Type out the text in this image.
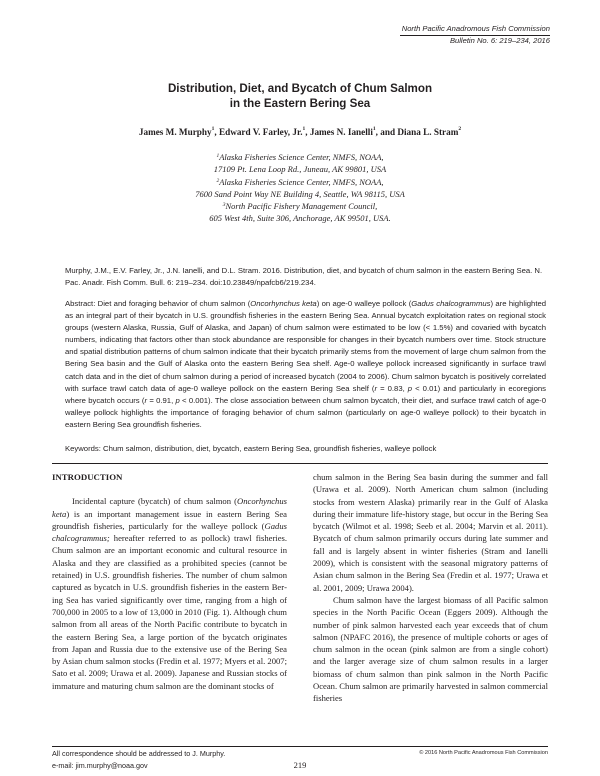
North Pacific Anadromous Fish Commission
Bulletin No. 6: 219–234, 2016
Distribution, Diet, and Bycatch of Chum Salmon
in the Eastern Bering Sea
James M. Murphy$^1$, Edward V. Farley, Jr.$^1$, James N. Ianelli$^1$, and Diana L. Stram$^2$
$^1$Alaska Fisheries Science Center, NMFS, NOAA,
17109 Pt. Lena Loop Rd., Juneau, AK 99801, USA
$^2$Alaska Fisheries Science Center, NMFS, NOAA,
7600 Sand Point Way NE Building 4, Seattle, WA 98115, USA
$^3$North Pacific Fishery Management Council,
605 West 4th, Suite 306, Anchorage, AK 99501, USA.
Murphy, J.M., E.V. Farley, Jr., J.N. Ianelli, and D.L. Stram. 2016. Distribution, diet, and bycatch of chum salmon in the eastern Bering Sea. N. Pac. Anadr. Fish Comm. Bull. 6: 219–234. doi:10.23849/npafcb6/219.234.
Abstract: Diet and foraging behavior of chum salmon (Oncorhynchus keta) on age-0 walleye pollock (Gadus chalcogrammus) are highlighted as an integral part of their bycatch in U.S. groundfish fisheries in the eastern Bering Sea. Annual bycatch exploitation rates on regional stock groups (western Alaska, Russia, Gulf of Alaska, and Japan) of chum salmon were estimated to be low (< 1.5%) and covaried with bycatch numbers, indicating that factors other than stock abundance are responsible for changes in their bycatch numbers over time. Stock structure and spatial distribution patterns of chum salmon indicate that their bycatch primarily stems from the movement of large chum salmon from the Bering Sea basin and the Gulf of Alaska onto the eastern Bering Sea shelf. Age-0 walleye pollock increased significantly in surface trawl catch data and in the diet of chum salmon during a period of increased bycatch (2004 to 2006). Chum salmon bycatch is positively correlated with surface trawl catch data of age-0 walleye pollock on the eastern Bering Sea shelf (r = 0.83, p < 0.01) and particularly in ecoregions where bycatch occurs (r = 0.91, p < 0.001). The close association between chum salmon bycatch, their diet, and surface trawl catch of age-0 walleye pollock highlights the importance of foraging behavior of chum salmon (particularly on age-0 walleye pollock) to their bycatch in eastern Bering Sea groundfish fisheries.
Keywords: Chum salmon, distribution, diet, bycatch, eastern Bering Sea, groundfish fisheries, walleye pollock

INTRODUCTION

Incidental capture (bycatch) of chum salmon (Oncorhynchus keta) is an important management issue in eastern Bering Sea groundfish fisheries, particularly for the walleye pollock (Gadus chalcogrammus; hereafter referred to as pollock) trawl fisheries. Chum salmon are an important economic and cultural resource in Alaska and they are classified as a prohibited species (cannot be retained) in U.S. groundfish fisheries. The number of chum salmon captured as bycatch in U.S. groundfish fisheries in the eastern Bering Sea has varied significantly over time, ranging from a high of 700,000 in 2005 to a low of 13,000 in 2010 (Fig. 1). Although chum salmon from all areas of the North Pacific contribute to bycatch in the eastern Bering Sea, a large portion of the bycatch originates from Japan and Russia due to the extensive use of the Bering Sea by Asian chum salmon stocks (Fredin et al. 1977; Myers et al. 2007; Sato et al. 2009; Urawa et al. 2009). Japanese and Russian stocks of immature and maturing chum salmon are the dominant stocks of

chum salmon in the Bering Sea basin during the summer and fall (Urawa et al. 2009). North American chum salmon (including stocks from western Alaska) primarily rear in the Gulf of Alaska during their immature life-history stage, but occur in the Bering Sea bycatch (Wilmot et al. 1998; Seeb et al. 2004; Marvin et al. 2011). Bycatch of chum salmon primarily occurs during late summer and fall and is largely absent in winter fisheries (Stram and Ianelli 2009), which is consistent with the seasonal migratory patterns of Asian chum salmon in the Bering Sea (Fredin et al. 1977; Urawa et al. 2001, 2009; Urawa 2004).

Chum salmon have the largest biomass of all Pacific salmon species in the North Pacific Ocean (Eggers 2009). Although the number of pink salmon harvested each year exceeds that of chum salmon (NPAFC 2016), the presence of multiple cohorts or ages of chum salmon in the ocean (pink salmon are from a single cohort) and the larger average size of chum salmon results in a larger biomass of chum salmon than pink salmon in the North Pacific Ocean. Chum salmon are primarily harvested in salmon commercial fisheries

All correspondence should be addressed to J. Murphy.
e-mail: jim.murphy@noaa.gov	219
© 2016 North Pacific Anadromous Fish Commission
